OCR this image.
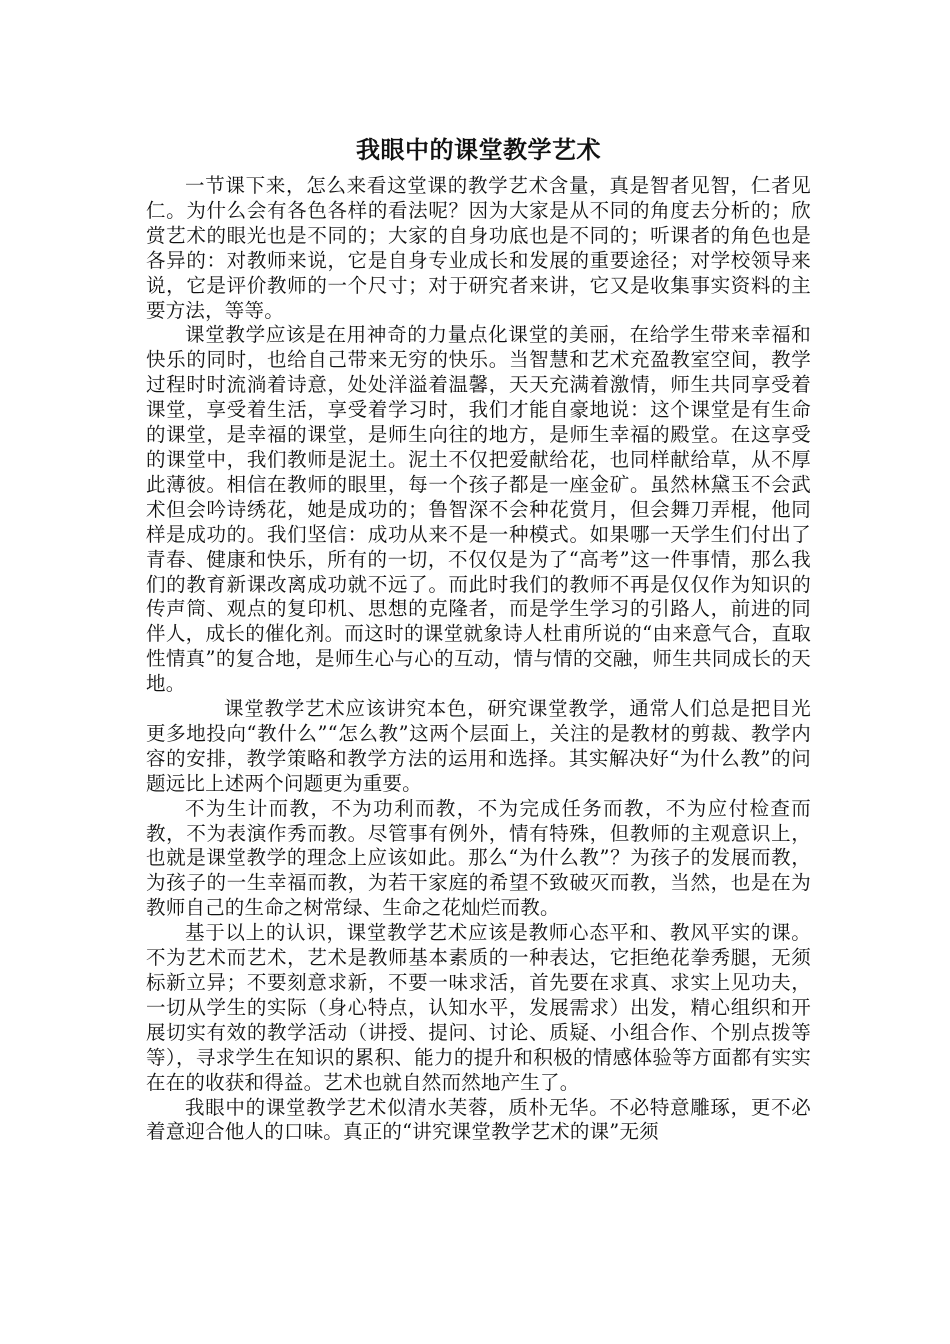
我眼中的课堂教学艺术

一节课下来，怎么来看这堂课的教学艺术含量，真是智者见智，仁者见仁。为什么会有各色各样的看法呢？因为大家是从不同的角度去分析的；欣赏艺术的眼光也是不同的；大家的自身功底也是不同的；听课者的角色也是各异的：对教师来说，它是自身专业成长和发展的重要途径；对学校领导来说，它是评价教师的一个尺寸；对于研究者来讲，它又是收集事实资料的主要方法，等等。

课堂教学应该是在用神奇的力量点化课堂的美丽，在给学生带来幸福和快乐的同时，也给自己带来无穷的快乐。当智慧和艺术充盈教室空间，教学过程时时流淌着诗意，处处洋溢着温馨，天天充满着激情，师生共同享受着课堂，享受着生活，享受着学习时，我们才能自豪地说：这个课堂是有生命的课堂，是幸福的课堂，是师生向往的地方，是师生幸福的殿堂。在这享受的课堂中，我们教师是泥土。泥土不仅把爱献给花，也同样献给草，从不厚此薄彼。相信在教师的眼里，每一个孩子都是一座金矿。虽然林黛玉不会武术但会吟诗绣花，她是成功的；鲁智深不会种花赏月，但会舞刀弄棍，他同样是成功的。我们坚信：成功从来不是一种模式。如果哪一天学生们付出了青春、健康和快乐，所有的一切，不仅仅是为了“高考”这一件事情，那么我们的教育新课改离成功就不远了。而此时我们的教师不再是仅仅作为知识的传声筒、观点的复印机、思想的克隆者，而是学生学习的引路人，前进的同伴人，成长的催化剂。而这时的课堂就象诗人杜甫所说的“由来意气合，直取性情真”的复合地，是师生心与心的互动，情与情的交融，师生共同成长的天地。

课堂教学艺术应该讲究本色，研究课堂教学，通常人们总是把目光更多地投向“教什么”“怎么教”这两个层面上，关注的是教材的剪裁、教学内容的安排，教学策略和教学方法的运用和选择。其实解决好“为什么教”的问题远比上述两个问题更为重要。

不为生计而教，不为功利而教，不为完成任务而教，不为应付检查而教，不为表演作秀而教。尽管事有例外，情有特殊，但教师的主观意识上，也就是课堂教学的理念上应该如此。那么“为什么教”？为孩子的发展而教，为孩子的一生幸福而教，为若干家庭的希望不致破灭而教，当然，也是在为教师自己的生命之树常绿、生命之花灿烂而教。

基于以上的认识，课堂教学艺术应该是教师心态平和、教风平实的课。不为艺术而艺术，艺术是教师基本素质的一种表达，它拒绝花拳秀腿，无须标新立异；不要刻意求新，不要一味求活，首先要在求真、求实上见功夫， 一切从学生的实际（身心特点，认知水平，发展需求）出发，精心组织和开展切实有效的教学活动（讲授、提问、讨论、质疑、小组合作、个别点拨等等），寻求学生在知识的累积、能力的提升和积极的情感体验等方面都有实实在在的收获和得益。艺术也就自然而然地产生了。

我眼中的课堂教学艺术似清水芙蓉，质朴无华。不必特意雕琢，更不必着意迎合他人的口味。真正的“讲究课堂教学艺术的课”无须
